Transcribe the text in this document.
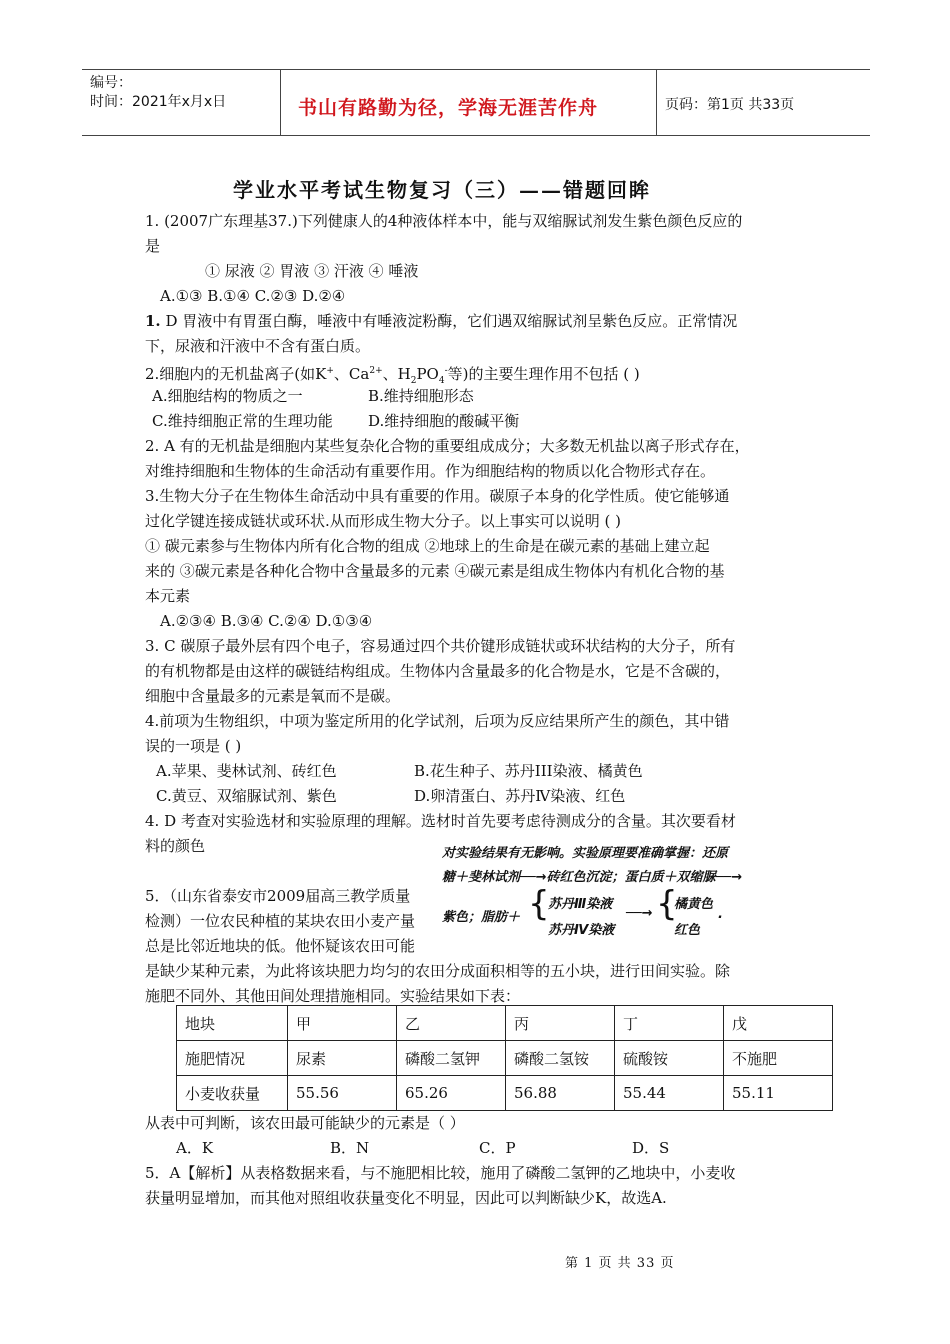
编号：
时间：2021年x月x日	书山有路勤为径，学海无涯苦作舟	页码：第1页 共33页
学业水平考试生物复习（三）——错题回眸
1. (2007广东理基37.)下列健康人的4种液体样本中，能与双缩脲试剂发生紫色颜色反应的
是
① 尿液 ② 胃液 ③ 汗液 ④ 唾液
A.①③ B.①④ C.②③ D.②④
1. D 胃液中有胃蛋白酶，唾液中有唾液淀粉酶，它们遇双缩脲试剂呈紫色反应。正常情况
下，尿液和汗液中不含有蛋白质。
2.细胞内的无机盐离子(如K+、$Ca^{2+}$、$H_2PO_4^-$等)的主要生理作用不包括 ( )
A.细胞结构的物质之一	B.维持细胞形态
C.维持细胞正常的生理功能 D.维持细胞的酸碱平衡
2. A 有的无机盐是细胞内某些复杂化合物的重要组成成分；大多数无机盐以离子形式存在，
对维持细胞和生物体的生命活动有重要作用。作为细胞结构的物质以化合物形式存在。
3.生物大分子在生物体生命活动中具有重要的作用。碳原子本身的化学性质。使它能够通
过化学键连接成链状或环状.从而形成生物大分子。以上事实可以说明 ( )
① 碳元素参与生物体内所有化合物的组成 ②地球上的生命是在碳元素的基础上建立起
来的 ③碳元素是各种化合物中含量最多的元素 ④碳元素是组成生物体内有机化合物的基
本元素
A.②③④ B.③④ C.②④ D.①③④
3. C 碳原子最外层有四个电子，容易通过四个共价键形成链状或环状结构的大分子，所有
的有机物都是由这样的碳链结构组成。生物体内含量最多的化合物是水，它是不含碳的，
细胞中含量最多的元素是氧而不是碳。
4.前项为生物组织，中项为鉴定所用的化学试剂，后项为反应结果所产生的颜色，其中错
误的一项是 ( )
A.苹果、斐林试剂、砖红色	B.花生种子、苏丹III染液、橘黄色
C.黄豆、双缩脲试剂、紫色	D.卵清蛋白、苏丹Ⅳ染液、红色
4. D 考查对实验选材和实验原理的理解。选材时首先要考虑待测成分的含量。其次要看材
料的颜色	对实验结果有无影响。实验原理要准确掌握：还原
糖＋斐林试剂──→砖红色沉淀；蛋白质＋双缩脲──→
紫色；脂肪＋ {
苏丹Ⅲ染液
苏丹Ⅳ染液
──→ {
橘黄色
红色
.
5．（山东省泰安市2009届高三教学质量
检测）一位农民种植的某块农田小麦产量
总是比邻近地块的低。他怀疑该农田可能
是缺少某种元素，为此将该块肥力均匀的农田分成面积相等的五小块，进行田间实验。除
施肥不同外、其他田间处理措施相同。实验结果如下表：
地块	甲	乙	丙	丁	戊
施肥情况	尿素	磷酸二氢钾	磷酸二氢铵	硫酸铵	不施肥
小麦收获量	55.56	65.26	56.88	55.44	55.11
从表中可判断，该农田最可能缺少的元素是（ ）
A．K	B．N	C．P	D．S
5．A【解析】从表格数据来看，与不施肥相比较，施用了磷酸二氢钾的乙地块中，小麦收
获量明显增加，而其他对照组收获量变化不明显，因此可以判断缺少K，故选A.
第 1 页 共 33 页
